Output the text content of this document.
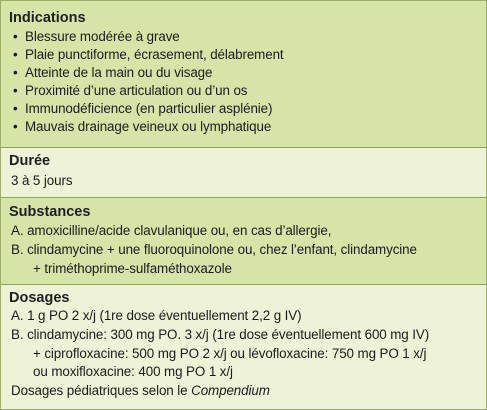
Indications
• Blessure modérée à grave
• Plaie punctiforme, écrasement, délabrement
• Atteinte de la main ou du visage
• Proximité d’une articulation ou d’un os
• Immunodéficience (en particulier asplénie)
• Mauvais drainage veineux ou lymphatique
Durée
3 à 5 jours
Substances
A. amoxicilline/acide clavulanique ou, en cas d’allergie,
B. clindamycine + une fluoroquinolone ou, chez l’enfant, clindamycine
+ triméthoprime-sulfaméthoxazole
Dosages
A. 1 g PO 2 x/j (1re dose éventuellement 2,2 g IV)
B. clindamycine: 300 mg PO. 3 x/j (1re dose éventuellement 600 mg IV)
+ ciprofloxacine: 500 mg PO 2 x/j ou lévofloxacine: 750 mg PO 1 x/j
ou moxifloxacine: 400 mg PO 1 x/j
Dosages pédiatriques selon le Compendium
